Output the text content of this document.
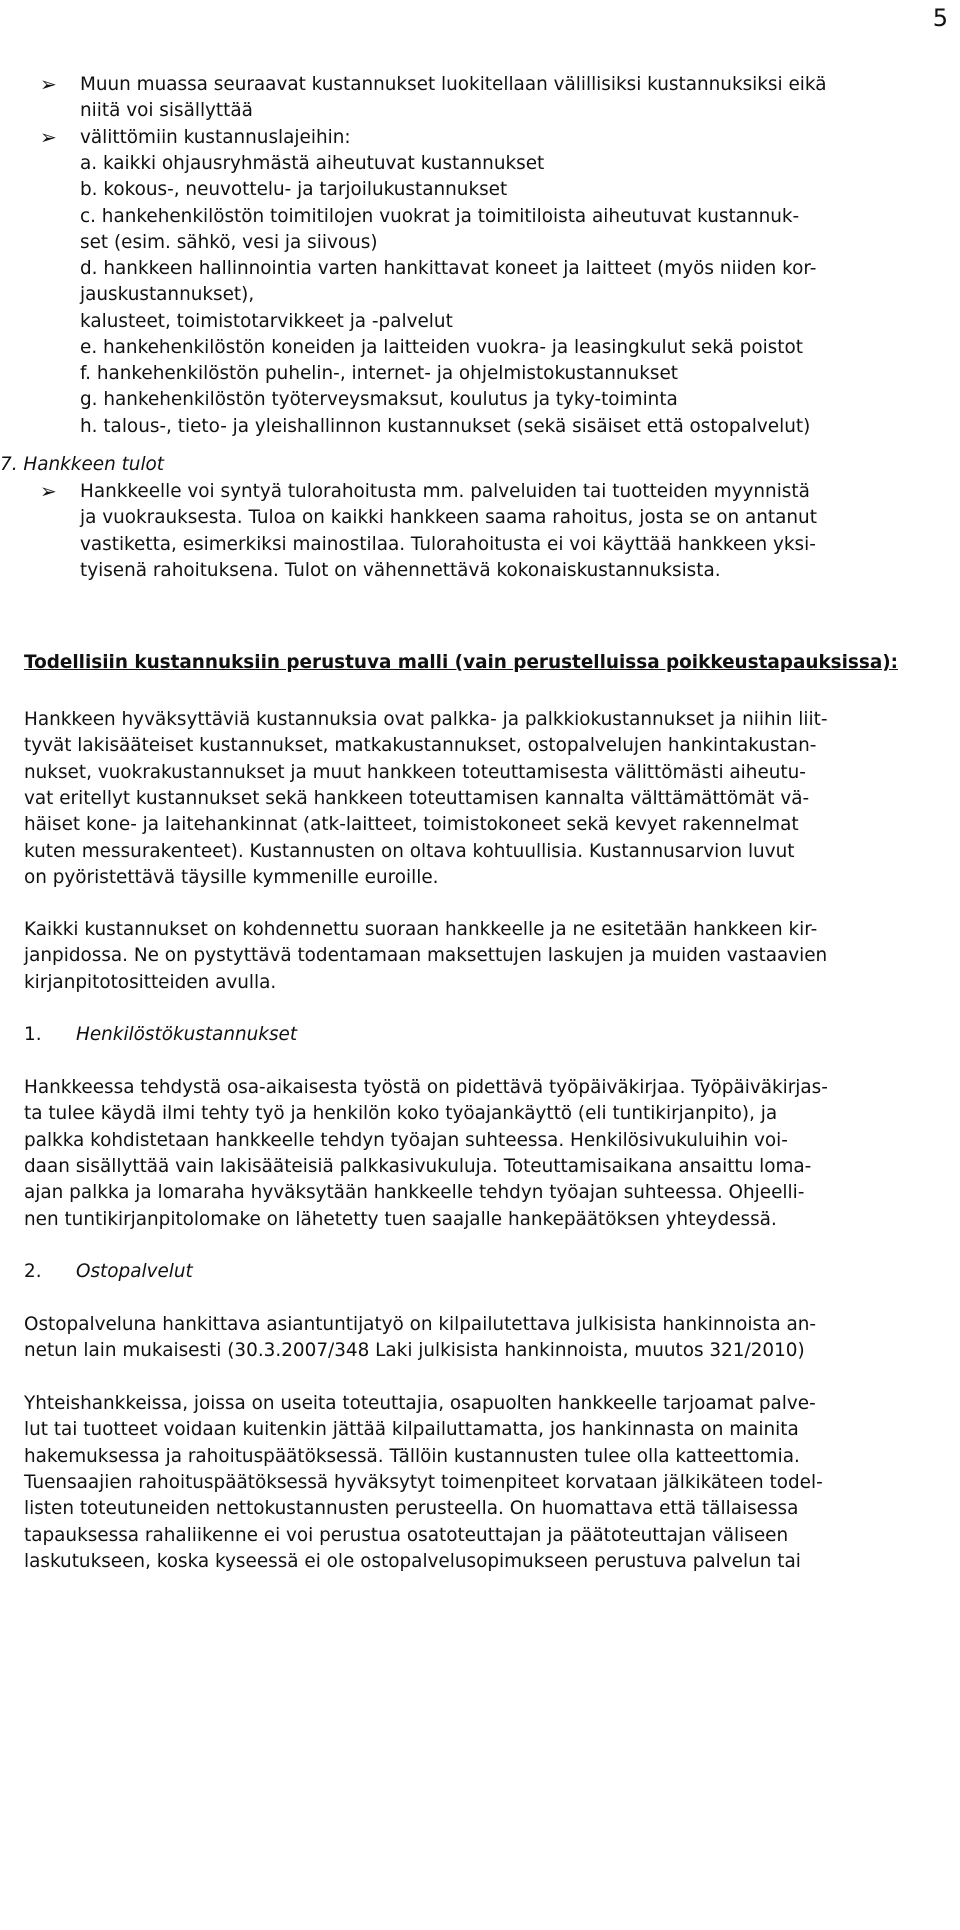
5
➢ Muun muassa seuraavat kustannukset luokitellaan välillisiksi kustannuksiksi eikä
niitä voi sisällyttää
➢ välittömiin kustannuslajeihin:
a. kaikki ohjausryhmästä aiheutuvat kustannukset
b. kokous-, neuvottelu- ja tarjoilukustannukset
c. hankehenkilöstön toimitilojen vuokrat ja toimitiloista aiheutuvat kustannuk-
set (esim. sähkö, vesi ja siivous)
d. hankkeen hallinnointia varten hankittavat koneet ja laitteet (myös niiden kor-
jauskustannukset),
kalusteet, toimistotarvikkeet ja -palvelut
e. hankehenkilöstön koneiden ja laitteiden vuokra- ja leasingkulut sekä poistot
f. hankehenkilöstön puhelin-, internet- ja ohjelmistokustannukset
g. hankehenkilöstön työterveysmaksut, koulutus ja tyky-toiminta
h. talous-, tieto- ja yleishallinnon kustannukset (sekä sisäiset että ostopalvelut)
7. Hankkeen tulot
➢ Hankkeelle voi syntyä tulorahoitusta mm. palveluiden tai tuotteiden myynnistä
ja vuokrauksesta. Tuloa on kaikki hankkeen saama rahoitus, josta se on antanut
vastiketta, esimerkiksi mainostilaa. Tulorahoitusta ei voi käyttää hankkeen yksi-
tyisenä rahoituksena. Tulot on vähennettävä kokonaiskustannuksista.
Todellisiin kustannuksiin perustuva malli (vain perustelluissa poikkeustapauksissa):
Hankkeen hyväksyttäviä kustannuksia ovat palkka- ja palkkiokustannukset ja niihin liit-
tyvät lakisääteiset kustannukset, matkakustannukset, ostopalvelujen hankintakustan-
nukset, vuokrakustannukset ja muut hankkeen toteuttamisesta välittömästi aiheutu-
vat eritellyt kustannukset sekä hankkeen toteuttamisen kannalta välttämättömät vä-
häiset kone- ja laitehankinnat (atk-laitteet, toimistokoneet sekä kevyet rakennelmat
kuten messurakenteet). Kustannusten on oltava kohtuullisia. Kustannusarvion luvut
on pyöristettävä täysille kymmenille euroille.
Kaikki kustannukset on kohdennettu suoraan hankkeelle ja ne esitetään hankkeen kir-
janpidossa. Ne on pystyttävä todentamaan maksettujen laskujen ja muiden vastaavien
kirjanpitotositteiden avulla.
1. Henkilöstökustannukset
Hankkeessa tehdystä osa-aikaisesta työstä on pidettävä työpäiväkirjaa. Työpäiväkirjas-
ta tulee käydä ilmi tehty työ ja henkilön koko työajankäyttö (eli tuntikirjanpito), ja
palkka kohdistetaan hankkeelle tehdyn työajan suhteessa. Henkilösivukuluihin voi-
daan sisällyttää vain lakisääteisiä palkkasivukuluja. Toteuttamisaikana ansaittu loma-
ajan palkka ja lomaraha hyväksytään hankkeelle tehdyn työajan suhteessa. Ohjeelli-
nen tuntikirjanpitolomake on lähetetty tuen saajalle hankepäätöksen yhteydessä.
2. Ostopalvelut
Ostopalveluna hankittava asiantuntijatyö on kilpailutettava julkisista hankinnoista an-
netun lain mukaisesti (30.3.2007/348 Laki julkisista hankinnoista, muutos 321/2010)
Yhteishankkeissa, joissa on useita toteuttajia, osapuolten hankkeelle tarjoamat palve-
lut tai tuotteet voidaan kuitenkin jättää kilpailuttamatta, jos hankinnasta on mainita
hakemuksessa ja rahoituspäätöksessä. Tällöin kustannusten tulee olla katteettomia.
Tuensaajien rahoituspäätöksessä hyväksytyt toimenpiteet korvataan jälkikäteen todel-
listen toteutuneiden nettokustannusten perusteella. On huomattava että tällaisessa
tapauksessa rahaliikenne ei voi perustua osatoteuttajan ja päätoteuttajan väliseen
laskutukseen, koska kyseessä ei ole ostopalvelusopimukseen perustuva palvelun tai
